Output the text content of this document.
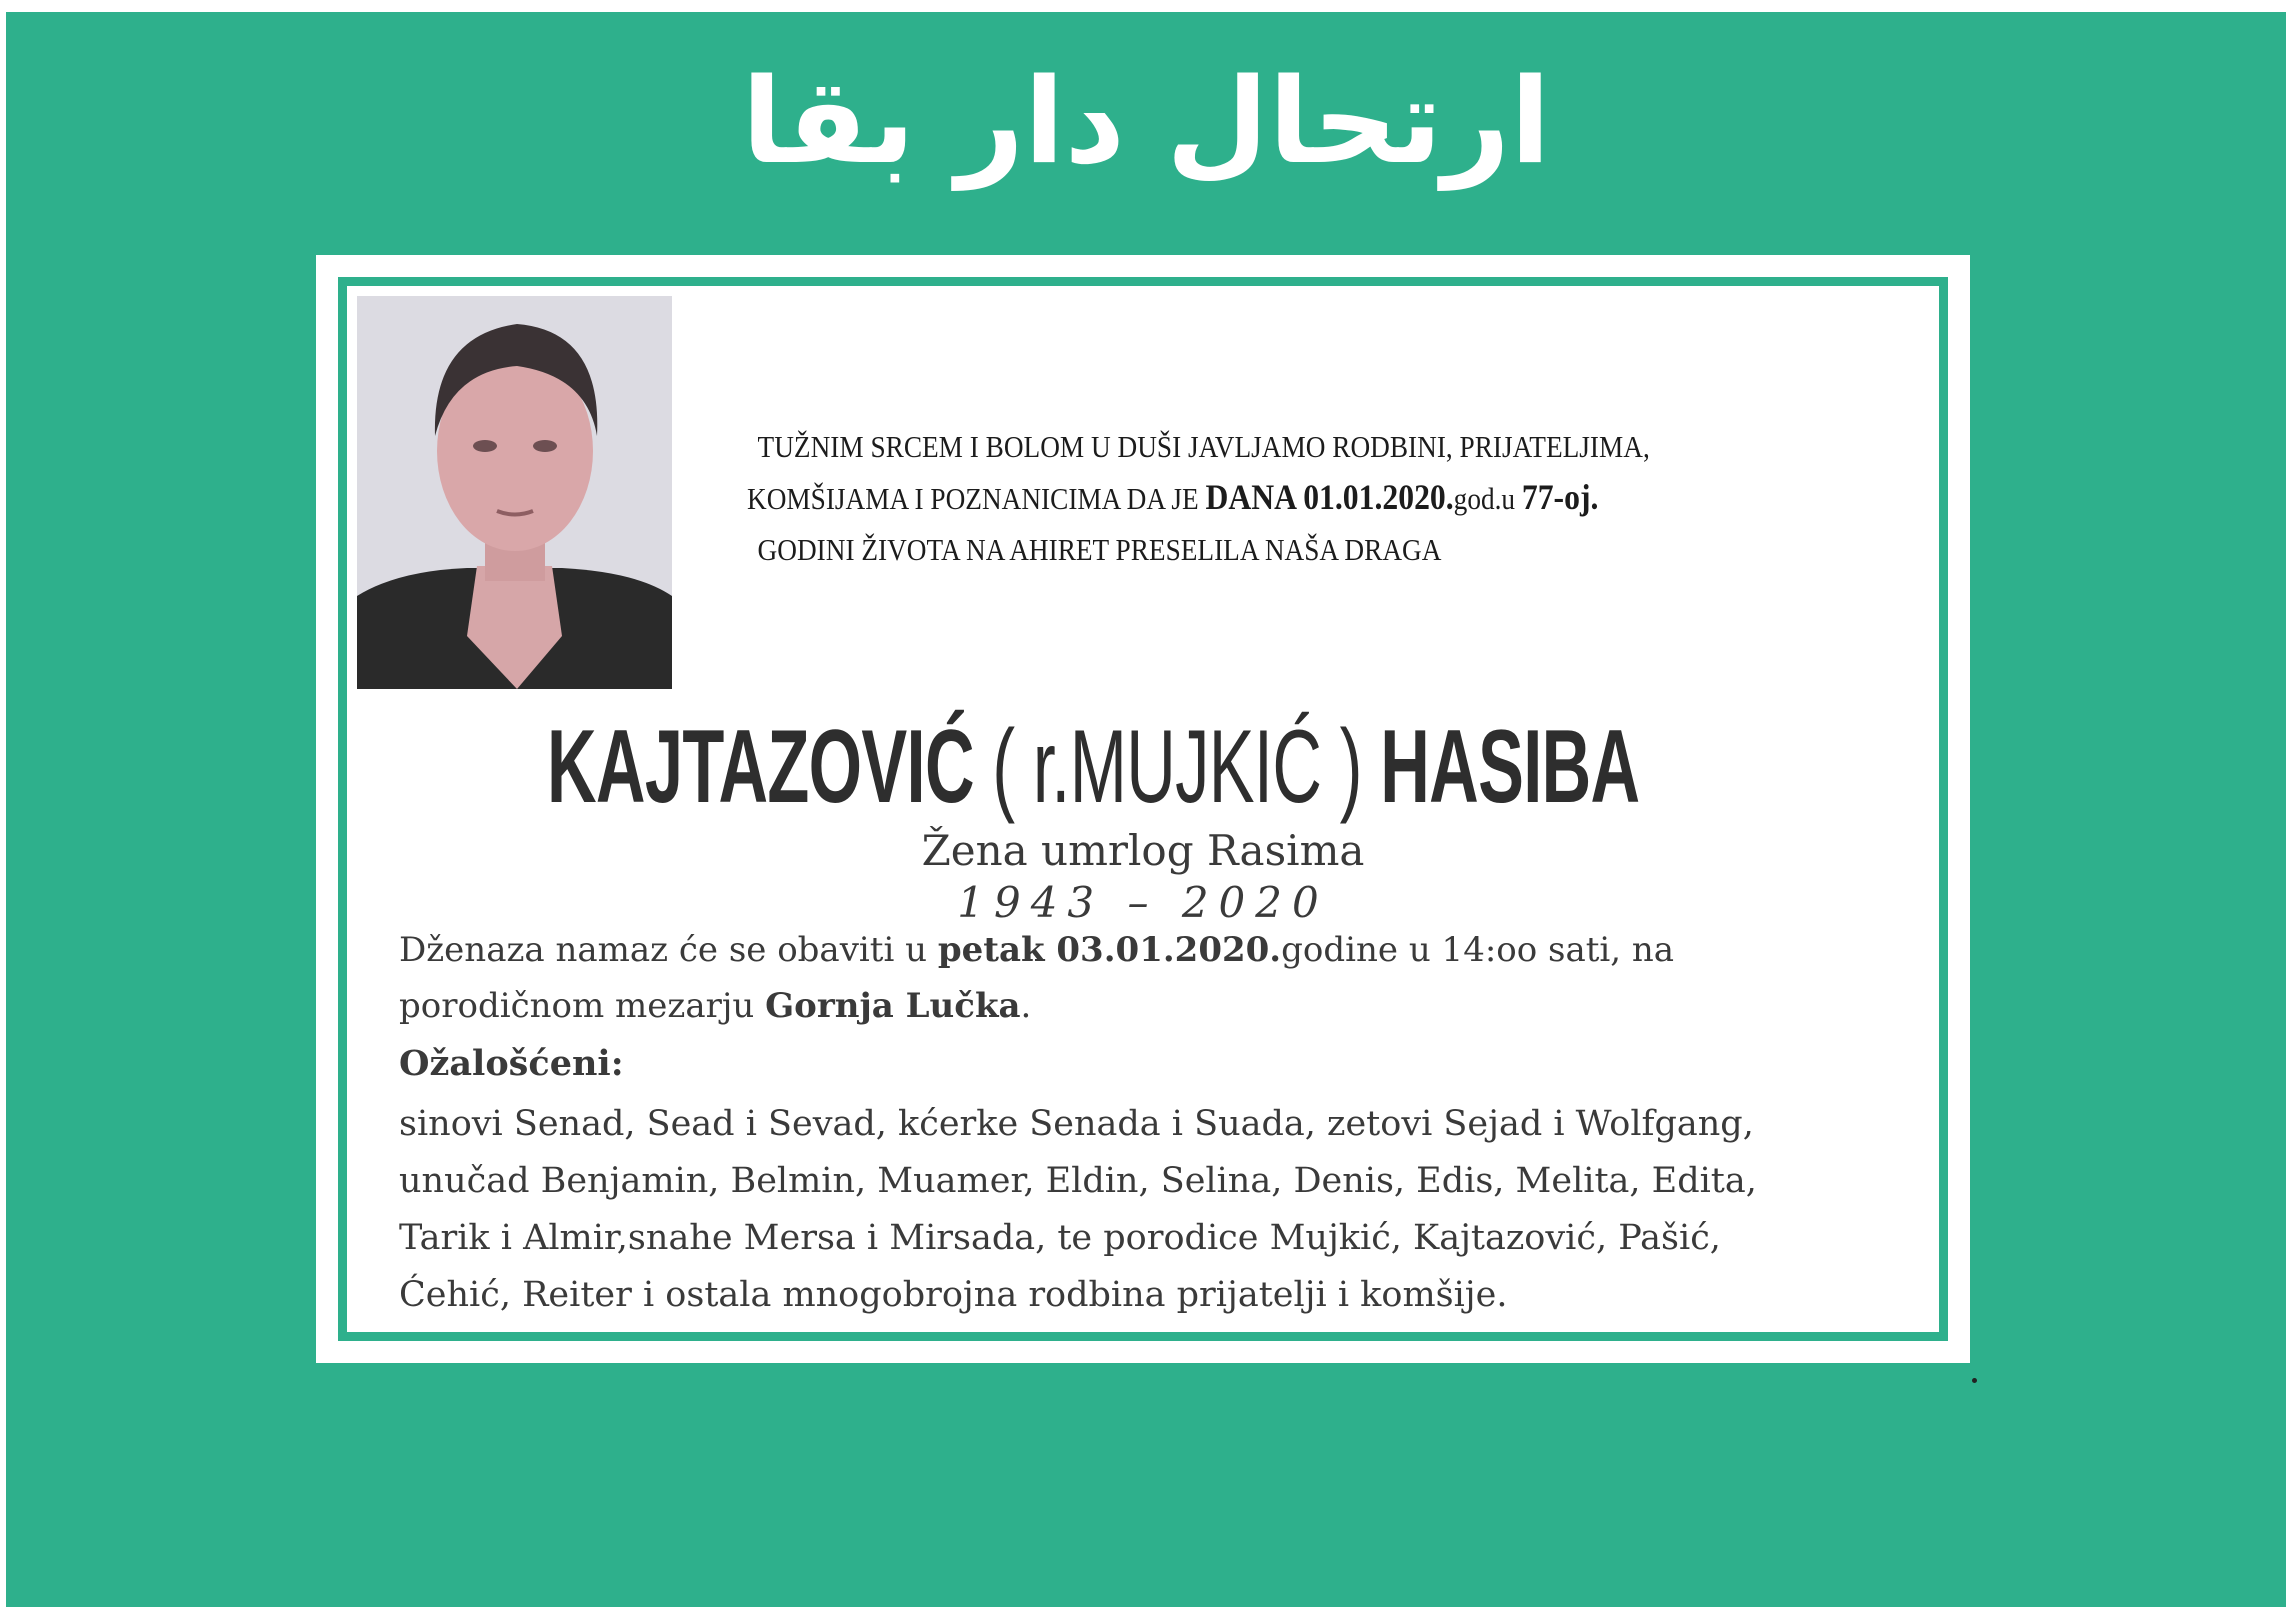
ارتحال دار بقا

TUŽNIM SRCEM I BOLOM U DUŠI JAVLJAMO RODBINI, PRIJATELJIMA,

KOMŠIJAMA I POZNANICIMA DA JE DANA 01.01.2020.god.u 77-oj.

GODINI ŽIVOTA NA AHIRET PRESELILA NAŠA DRAGA

KAJTAZOVIĆ ( r.MUJKIĆ ) HASIBA
Žena umrlog Rasima
1943 – 2020

Dženaza namaz će se obaviti u petak 03.01.2020.godine u 14:oo sati, na

porodičnom mezarju Gornja Lučka.

Ožalošćeni:

sinovi Senad, Sead i Sevad, kćerke Senada i Suada, zetovi Sejad i Wolfgang,

unučad Benjamin, Belmin, Muamer, Eldin, Selina, Denis, Edis, Melita, Edita,

Tarik i Almir,snahe Mersa i Mirsada, te porodice Mujkić, Kajtazović, Pašić,

Ćehić, Reiter i ostala mnogobrojna rodbina prijatelji i komšije.
